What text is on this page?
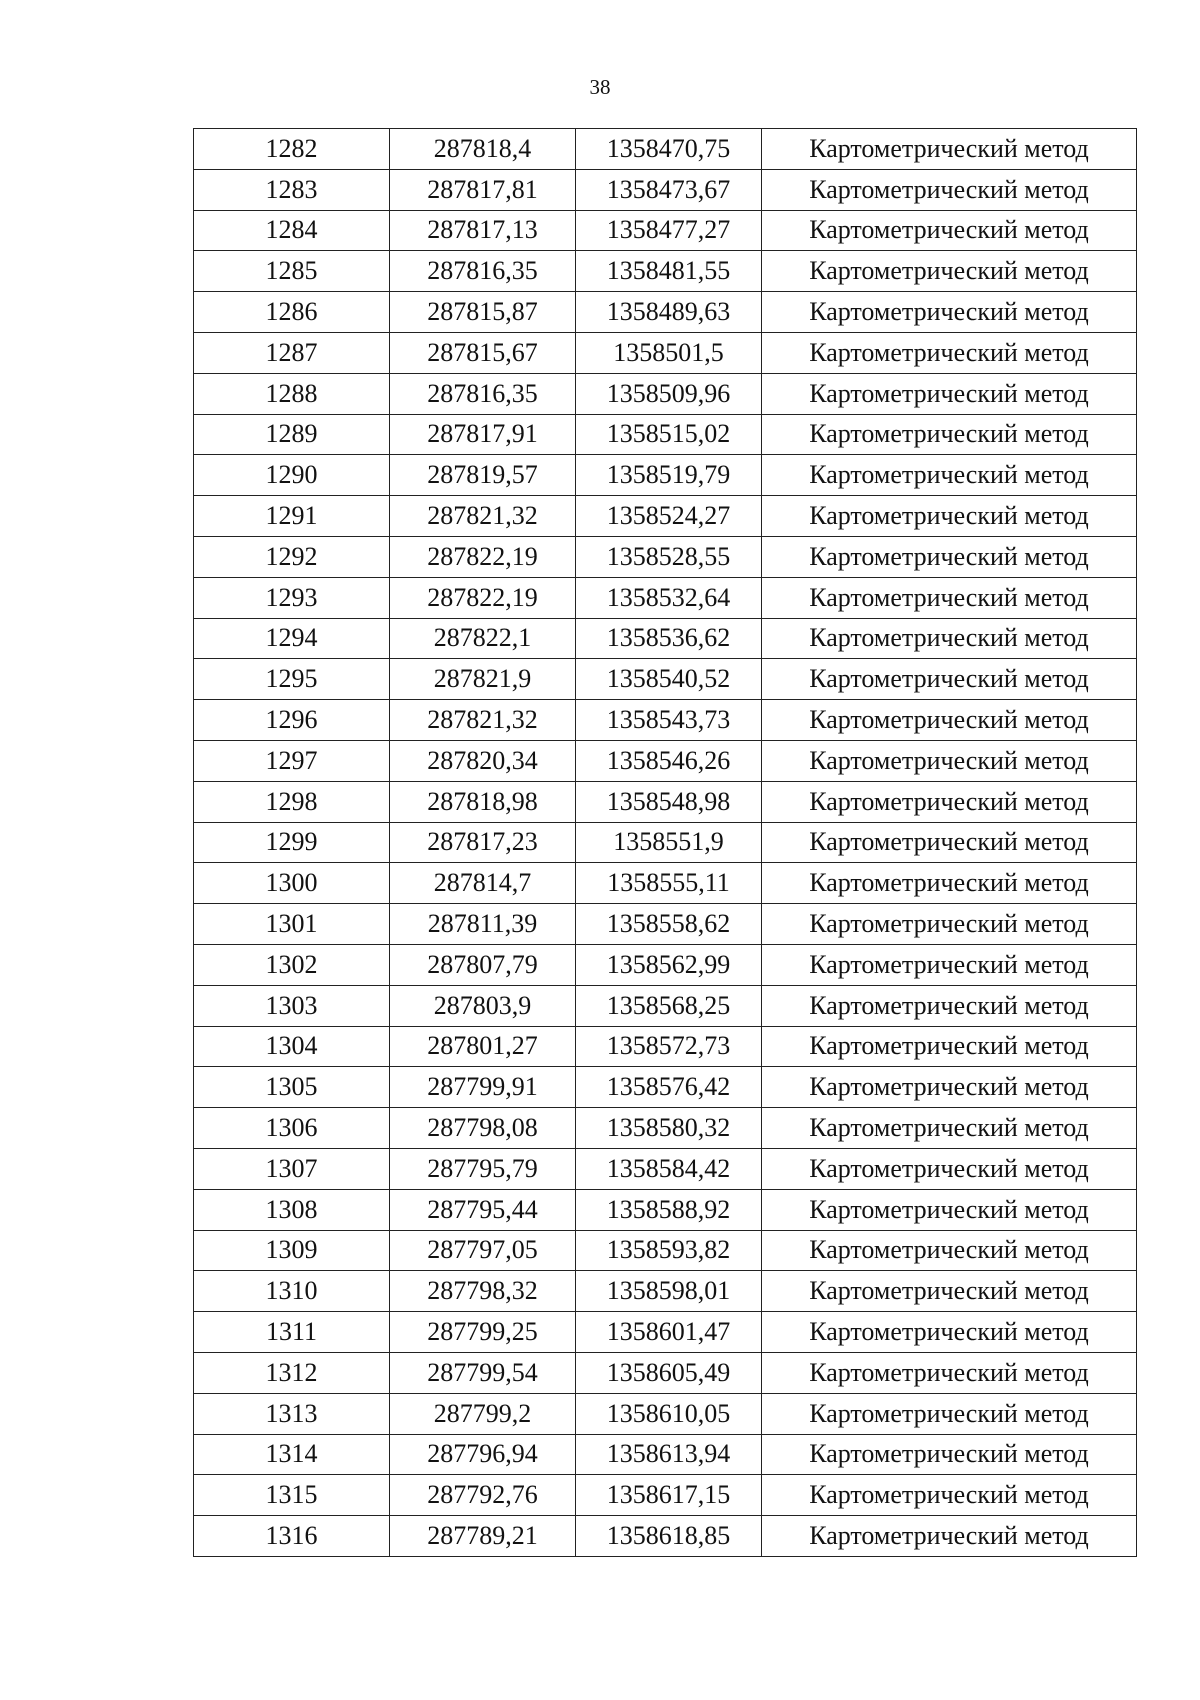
38
1282	287818,4	1358470,75	Картометрический метод
1283	287817,81	1358473,67	Картометрический метод
1284	287817,13	1358477,27	Картометрический метод
1285	287816,35	1358481,55	Картометрический метод
1286	287815,87	1358489,63	Картометрический метод
1287	287815,67	1358501,5	Картометрический метод
1288	287816,35	1358509,96	Картометрический метод
1289	287817,91	1358515,02	Картометрический метод
1290	287819,57	1358519,79	Картометрический метод
1291	287821,32	1358524,27	Картометрический метод
1292	287822,19	1358528,55	Картометрический метод
1293	287822,19	1358532,64	Картометрический метод
1294	287822,1	1358536,62	Картометрический метод
1295	287821,9	1358540,52	Картометрический метод
1296	287821,32	1358543,73	Картометрический метод
1297	287820,34	1358546,26	Картометрический метод
1298	287818,98	1358548,98	Картометрический метод
1299	287817,23	1358551,9	Картометрический метод
1300	287814,7	1358555,11	Картометрический метод
1301	287811,39	1358558,62	Картометрический метод
1302	287807,79	1358562,99	Картометрический метод
1303	287803,9	1358568,25	Картометрический метод
1304	287801,27	1358572,73	Картометрический метод
1305	287799,91	1358576,42	Картометрический метод
1306	287798,08	1358580,32	Картометрический метод
1307	287795,79	1358584,42	Картометрический метод
1308	287795,44	1358588,92	Картометрический метод
1309	287797,05	1358593,82	Картометрический метод
1310	287798,32	1358598,01	Картометрический метод
1311	287799,25	1358601,47	Картометрический метод
1312	287799,54	1358605,49	Картометрический метод
1313	287799,2	1358610,05	Картометрический метод
1314	287796,94	1358613,94	Картометрический метод
1315	287792,76	1358617,15	Картометрический метод
1316	287789,21	1358618,85	Картометрический метод
